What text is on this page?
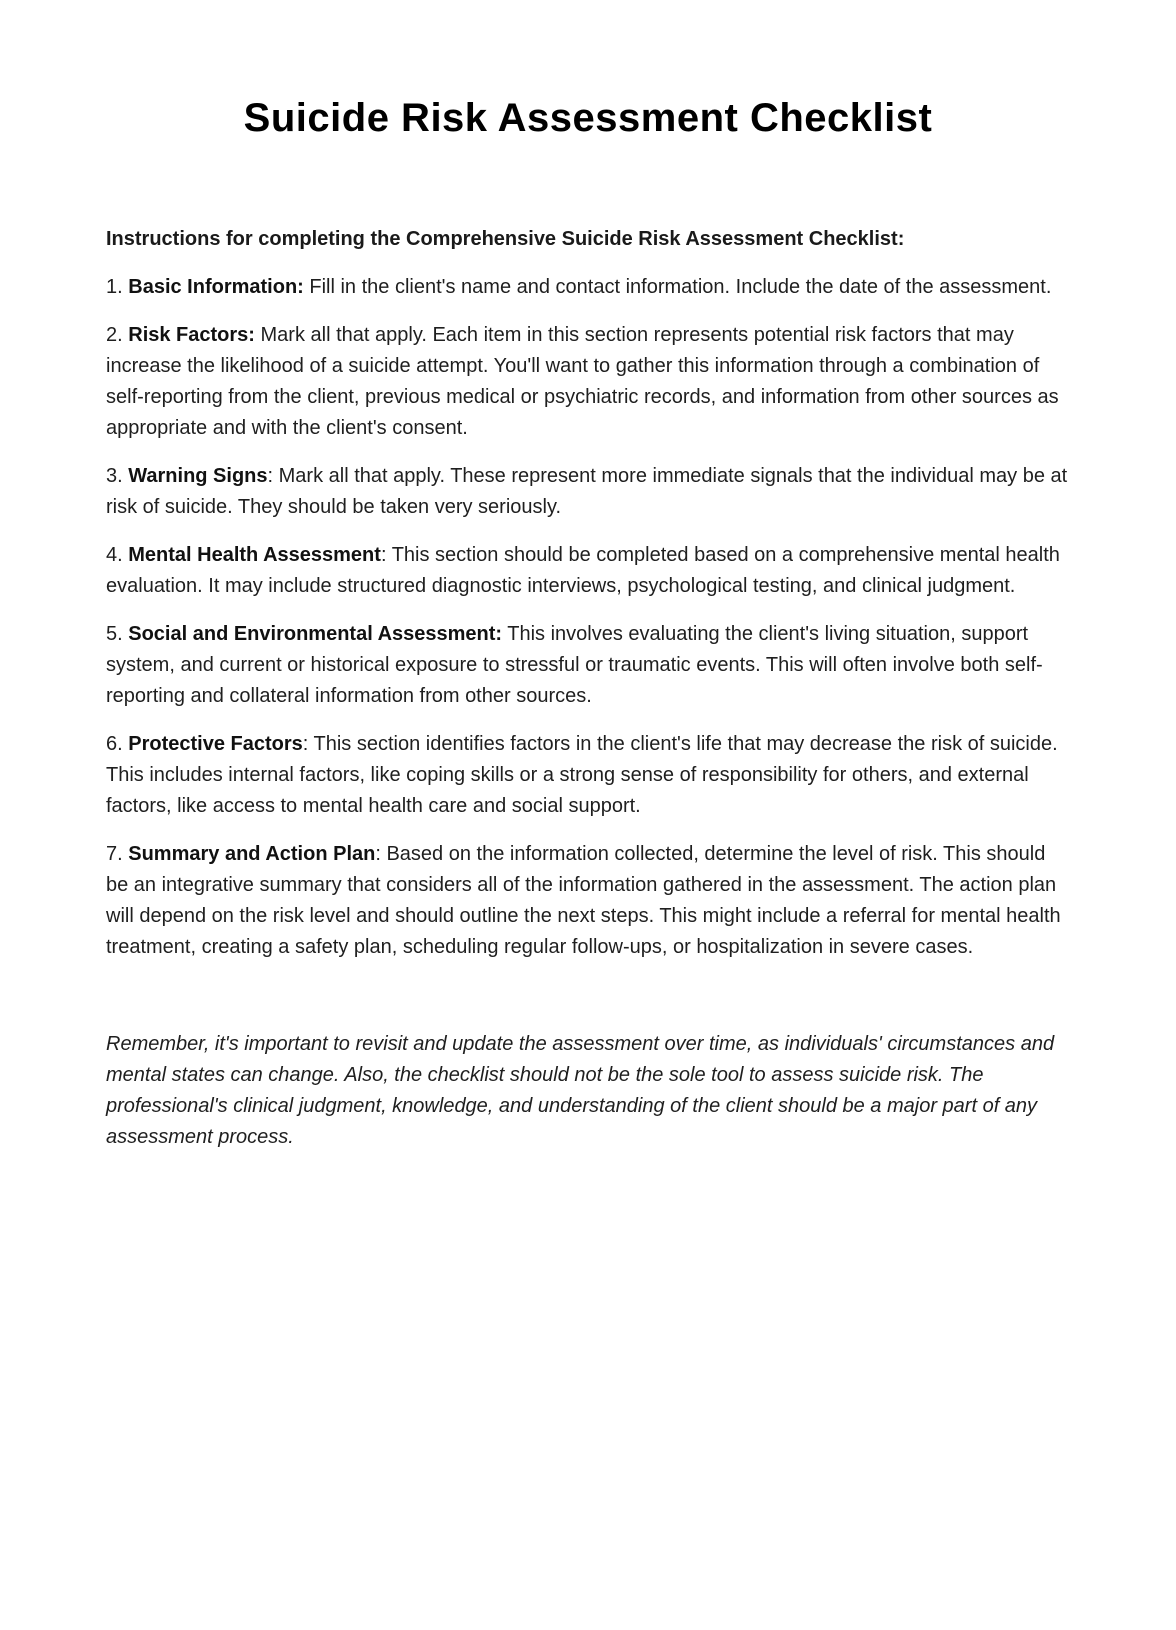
Suicide Risk Assessment Checklist

Instructions for completing the Comprehensive Suicide Risk Assessment Checklist:

1. Basic Information: Fill in the client's name and contact information. Include the date of the assessment.

2. Risk Factors: Mark all that apply. Each item in this section represents potential risk factors that may increase the likelihood of a suicide attempt. You'll want to gather this information through a combination of self-reporting from the client, previous medical or psychiatric records, and information from other sources as appropriate and with the client's consent.

3. Warning Signs: Mark all that apply. These represent more immediate signals that the individual may be at risk of suicide. They should be taken very seriously.

4. Mental Health Assessment: This section should be completed based on a comprehensive mental health evaluation. It may include structured diagnostic interviews, psychological testing, and clinical judgment.

5. Social and Environmental Assessment: This involves evaluating the client's living situation, support system, and current or historical exposure to stressful or traumatic events. This will often involve both self-reporting and collateral information from other sources.

6. Protective Factors: This section identifies factors in the client's life that may decrease the risk of suicide. This includes internal factors, like coping skills or a strong sense of responsibility for others, and external factors, like access to mental health care and social support.

7. Summary and Action Plan: Based on the information collected, determine the level of risk. This should be an integrative summary that considers all of the information gathered in the assessment. The action plan will depend on the risk level and should outline the next steps. This might include a referral for mental health treatment, creating a safety plan, scheduling regular follow-ups, or hospitalization in severe cases.

Remember, it's important to revisit and update the assessment over time, as individuals' circumstances and mental states can change. Also, the checklist should not be the sole tool to assess suicide risk. The professional's clinical judgment, knowledge, and understanding of the client should be a major part of any assessment process.
